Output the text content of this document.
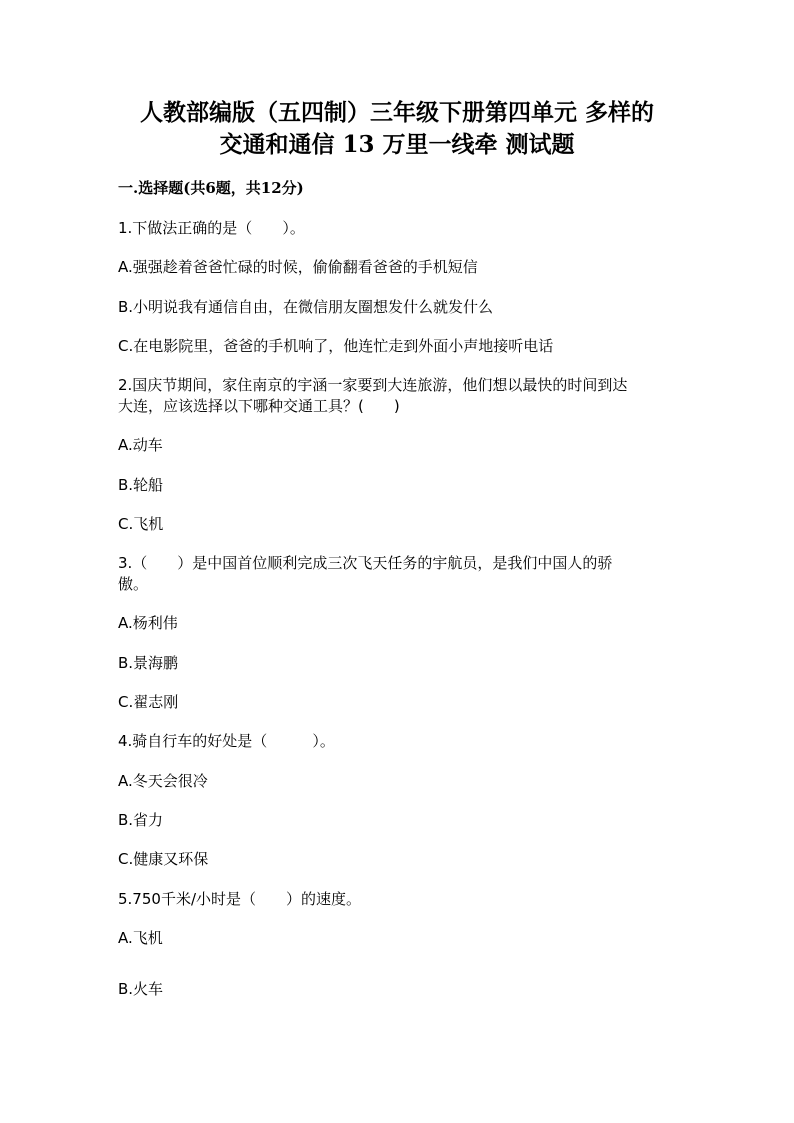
人教部编版（五四制）三年级下册第四单元 多样的
交通和通信 13 万里一线牵 测试题
一.选择题(共6题，共12分)
1.下做法正确的是（　　）。
A.强强趁着爸爸忙碌的时候，偷偷翻看爸爸的手机短信
B.小明说我有通信自由，在微信朋友圈想发什么就发什么
C.在电影院里，爸爸的手机响了，他连忙走到外面小声地接听电话
2.国庆节期间，家住南京的宇涵一家要到大连旅游，他们想以最快的时间到达
大连，应该选择以下哪种交通工具？(　　)
A.动车
B.轮船
C.飞机
3.（　　）是中国首位顺利完成三次飞天任务的宇航员，是我们中国人的骄
傲。
A.杨利伟
B.景海鹏
C.翟志刚
4.骑自行车的好处是（　　　）。
A.冬天会很冷
B.省力
C.健康又环保
5.750千米/小时是（　　）的速度。
A.飞机
B.火车
